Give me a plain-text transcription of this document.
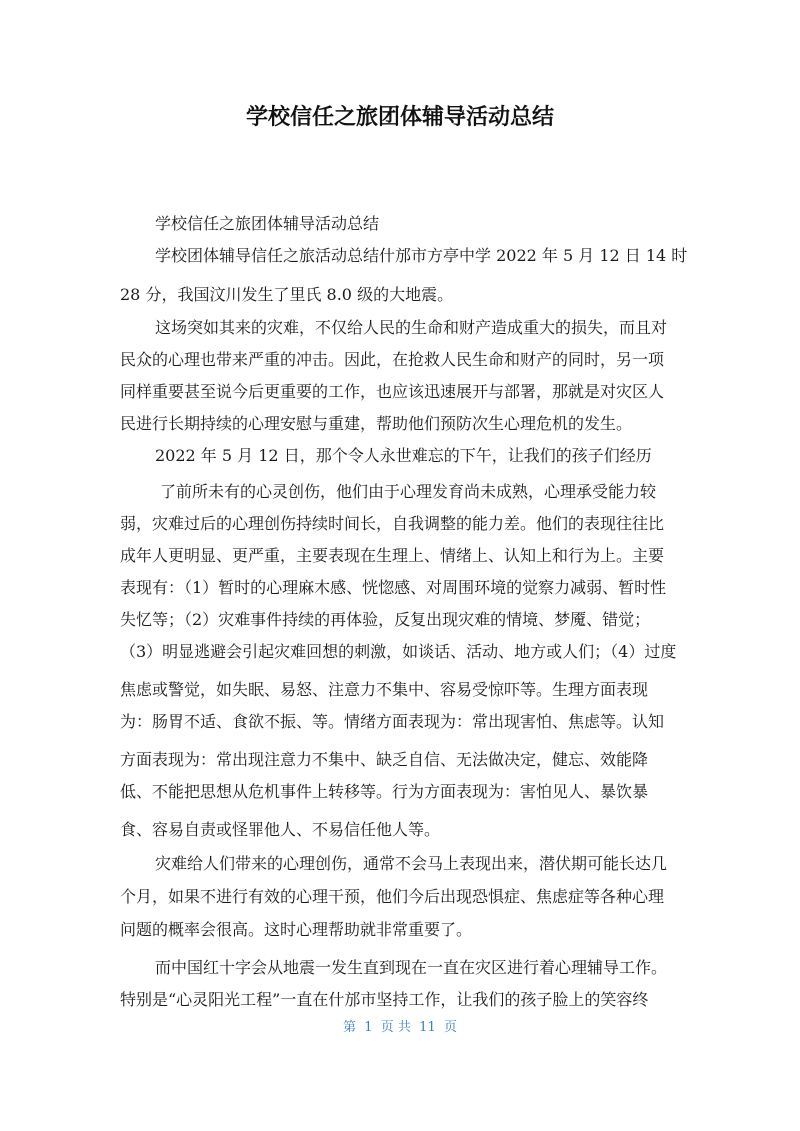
学校信任之旅团体辅导活动总结

学校信任之旅团体辅导活动总结

学校团体辅导信任之旅活动总结什邡市方亭中学 2022 年 5 月 12 日 14 时

28 分，我国汶川发生了里氏 8.0 级的大地震。

这场突如其来的灾难，不仅给人民的生命和财产造成重大的损失，而且对

民众的心理也带来严重的冲击。因此，在抢救人民生命和财产的同时，另一项

同样重要甚至说今后更重要的工作，也应该迅速展开与部署，那就是对灾区人

民进行长期持续的心理安慰与重建，帮助他们预防次生心理危机的发生。

2022 年 5 月 12 日，那个令人永世难忘的下午，让我们的孩子们经历

了前所未有的心灵创伤，他们由于心理发育尚未成熟，心理承受能力较

弱，灾难过后的心理创伤持续时间长，自我调整的能力差。他们的表现往往比

成年人更明显、更严重，主要表现在生理上、情绪上、认知上和行为上。主要

表现有：（1）暂时的心理麻木感、恍惚感、对周围环境的觉察力减弱、暂时性

失忆等；（2）灾难事件持续的再体验，反复出现灾难的情境、梦魇、错觉；

（3）明显逃避会引起灾难回想的刺激，如谈话、活动、地方或人们；（4）过度

焦虑或警觉，如失眠、易怒、注意力不集中、容易受惊吓等。生理方面表现

为：肠胃不适、食欲不振、等。情绪方面表现为：常出现害怕、焦虑等。认知

方面表现为：常出现注意力不集中、缺乏自信、无法做决定，健忘、效能降

低、不能把思想从危机事件上转移等。行为方面表现为：害怕见人、暴饮暴

食、容易自责或怪罪他人、不易信任他人等。

灾难给人们带来的心理创伤，通常不会马上表现出来，潜伏期可能长达几

个月，如果不进行有效的心理干预，他们今后出现恐惧症、焦虑症等各种心理

问题的概率会很高。这时心理帮助就非常重要了。

而中国红十字会从地震一发生直到现在一直在灾区进行着心理辅导工作。

特别是“心灵阳光工程”一直在什邡市坚持工作，让我们的孩子脸上的笑容终

第  1  页 共  11  页
